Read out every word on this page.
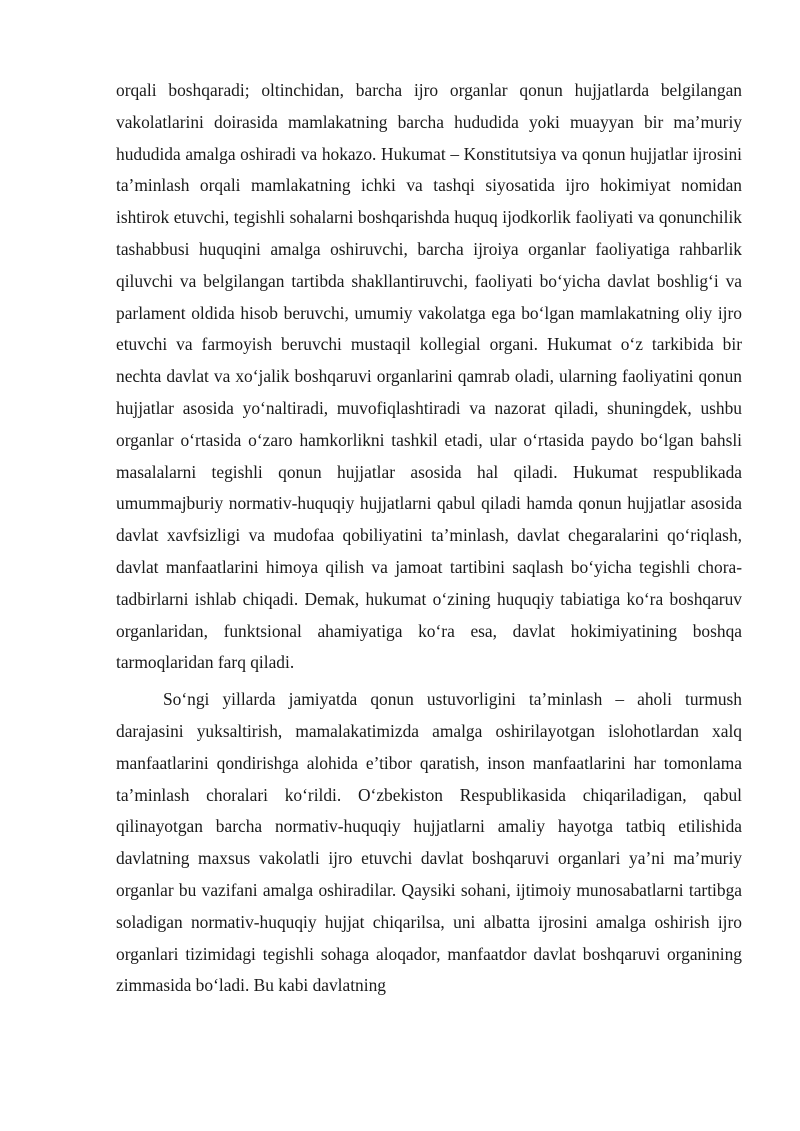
orqali boshqaradi; oltinchidan, barcha ijro organlar qonun hujjatlarda belgilangan vakolatlarini doirasida mamlakatning barcha hududida yoki muayyan bir ma’muriy hududida amalga oshiradi va hokazo. Hukumat – Konstitutsiya va qonun hujjatlar ijrosini ta’minlash orqali mamlakatning ichki va tashqi siyosatida ijro hokimiyat nomidan ishtirok etuvchi, tegishli sohalarni boshqarishda huquq ijodkorlik faoliyati va qonunchilik tashabbusi huquqini amalga oshiruvchi, barcha ijroiya organlar faoliyatiga rahbarlik qiluvchi va belgilangan tartibda shakllantiruvchi, faoliyati bo‘yicha davlat boshlig‘i va parlament oldida hisob beruvchi, umumiy vakolatga ega bo‘lgan mamlakatning oliy ijro etuvchi va farmoyish beruvchi mustaqil kollegial organi. Hukumat o‘z tarkibida bir nechta davlat va xo‘jalik boshqaruvi organlarini qamrab oladi, ularning faoliyatini qonun hujjatlar asosida yo‘naltiradi, muvofiqlashtiradi va nazorat qiladi, shuningdek, ushbu organlar o‘rtasida o‘zaro hamkorlikni tashkil etadi, ular o‘rtasida paydo bo‘lgan bahsli masalalarni tegishli qonun hujjatlar asosida hal qiladi. Hukumat respublikada umummajburiy normativ-huquqiy hujjatlarni qabul qiladi hamda qonun hujjatlar asosida davlat xavfsizligi va mudofaa qobiliyatini ta’minlash, davlat chegaralarini qo‘riqlash, davlat manfaatlarini himoya qilish va jamoat tartibini saqlash bo‘yicha tegishli chora-tadbirlarni ishlab chiqadi. Demak, hukumat o‘zining huquqiy tabiatiga ko‘ra boshqaruv organlaridan, funktsional ahamiyatiga ko‘ra esa, davlat hokimiyatining boshqa tarmoqlaridan farq qiladi.

So‘ngi yillarda jamiyatda qonun ustuvorligini ta’minlash – aholi turmush darajasini yuksaltirish, mamalakatimizda amalga oshirilayotgan islohotlardan xalq manfaatlarini qondirishga alohida e’tibor qaratish, inson manfaatlarini har tomonlama ta’minlash choralari ko‘rildi. O‘zbekiston Respublikasida chiqariladigan, qabul qilinayotgan barcha normativ-huquqiy hujjatlarni amaliy hayotga tatbiq etilishida davlatning maxsus vakolatli ijro etuvchi davlat boshqaruvi organlari ya’ni ma’muriy organlar bu vazifani amalga oshiradilar. Qaysiki sohani, ijtimoiy munosabatlarni tartibga soladigan normativ-huquqiy hujjat chiqarilsa, uni albatta ijrosini amalga oshirish ijro organlari tizimidagi tegishli sohaga aloqador, manfaatdor davlat boshqaruvi organining zimmasida bo‘ladi. Bu kabi davlatning
